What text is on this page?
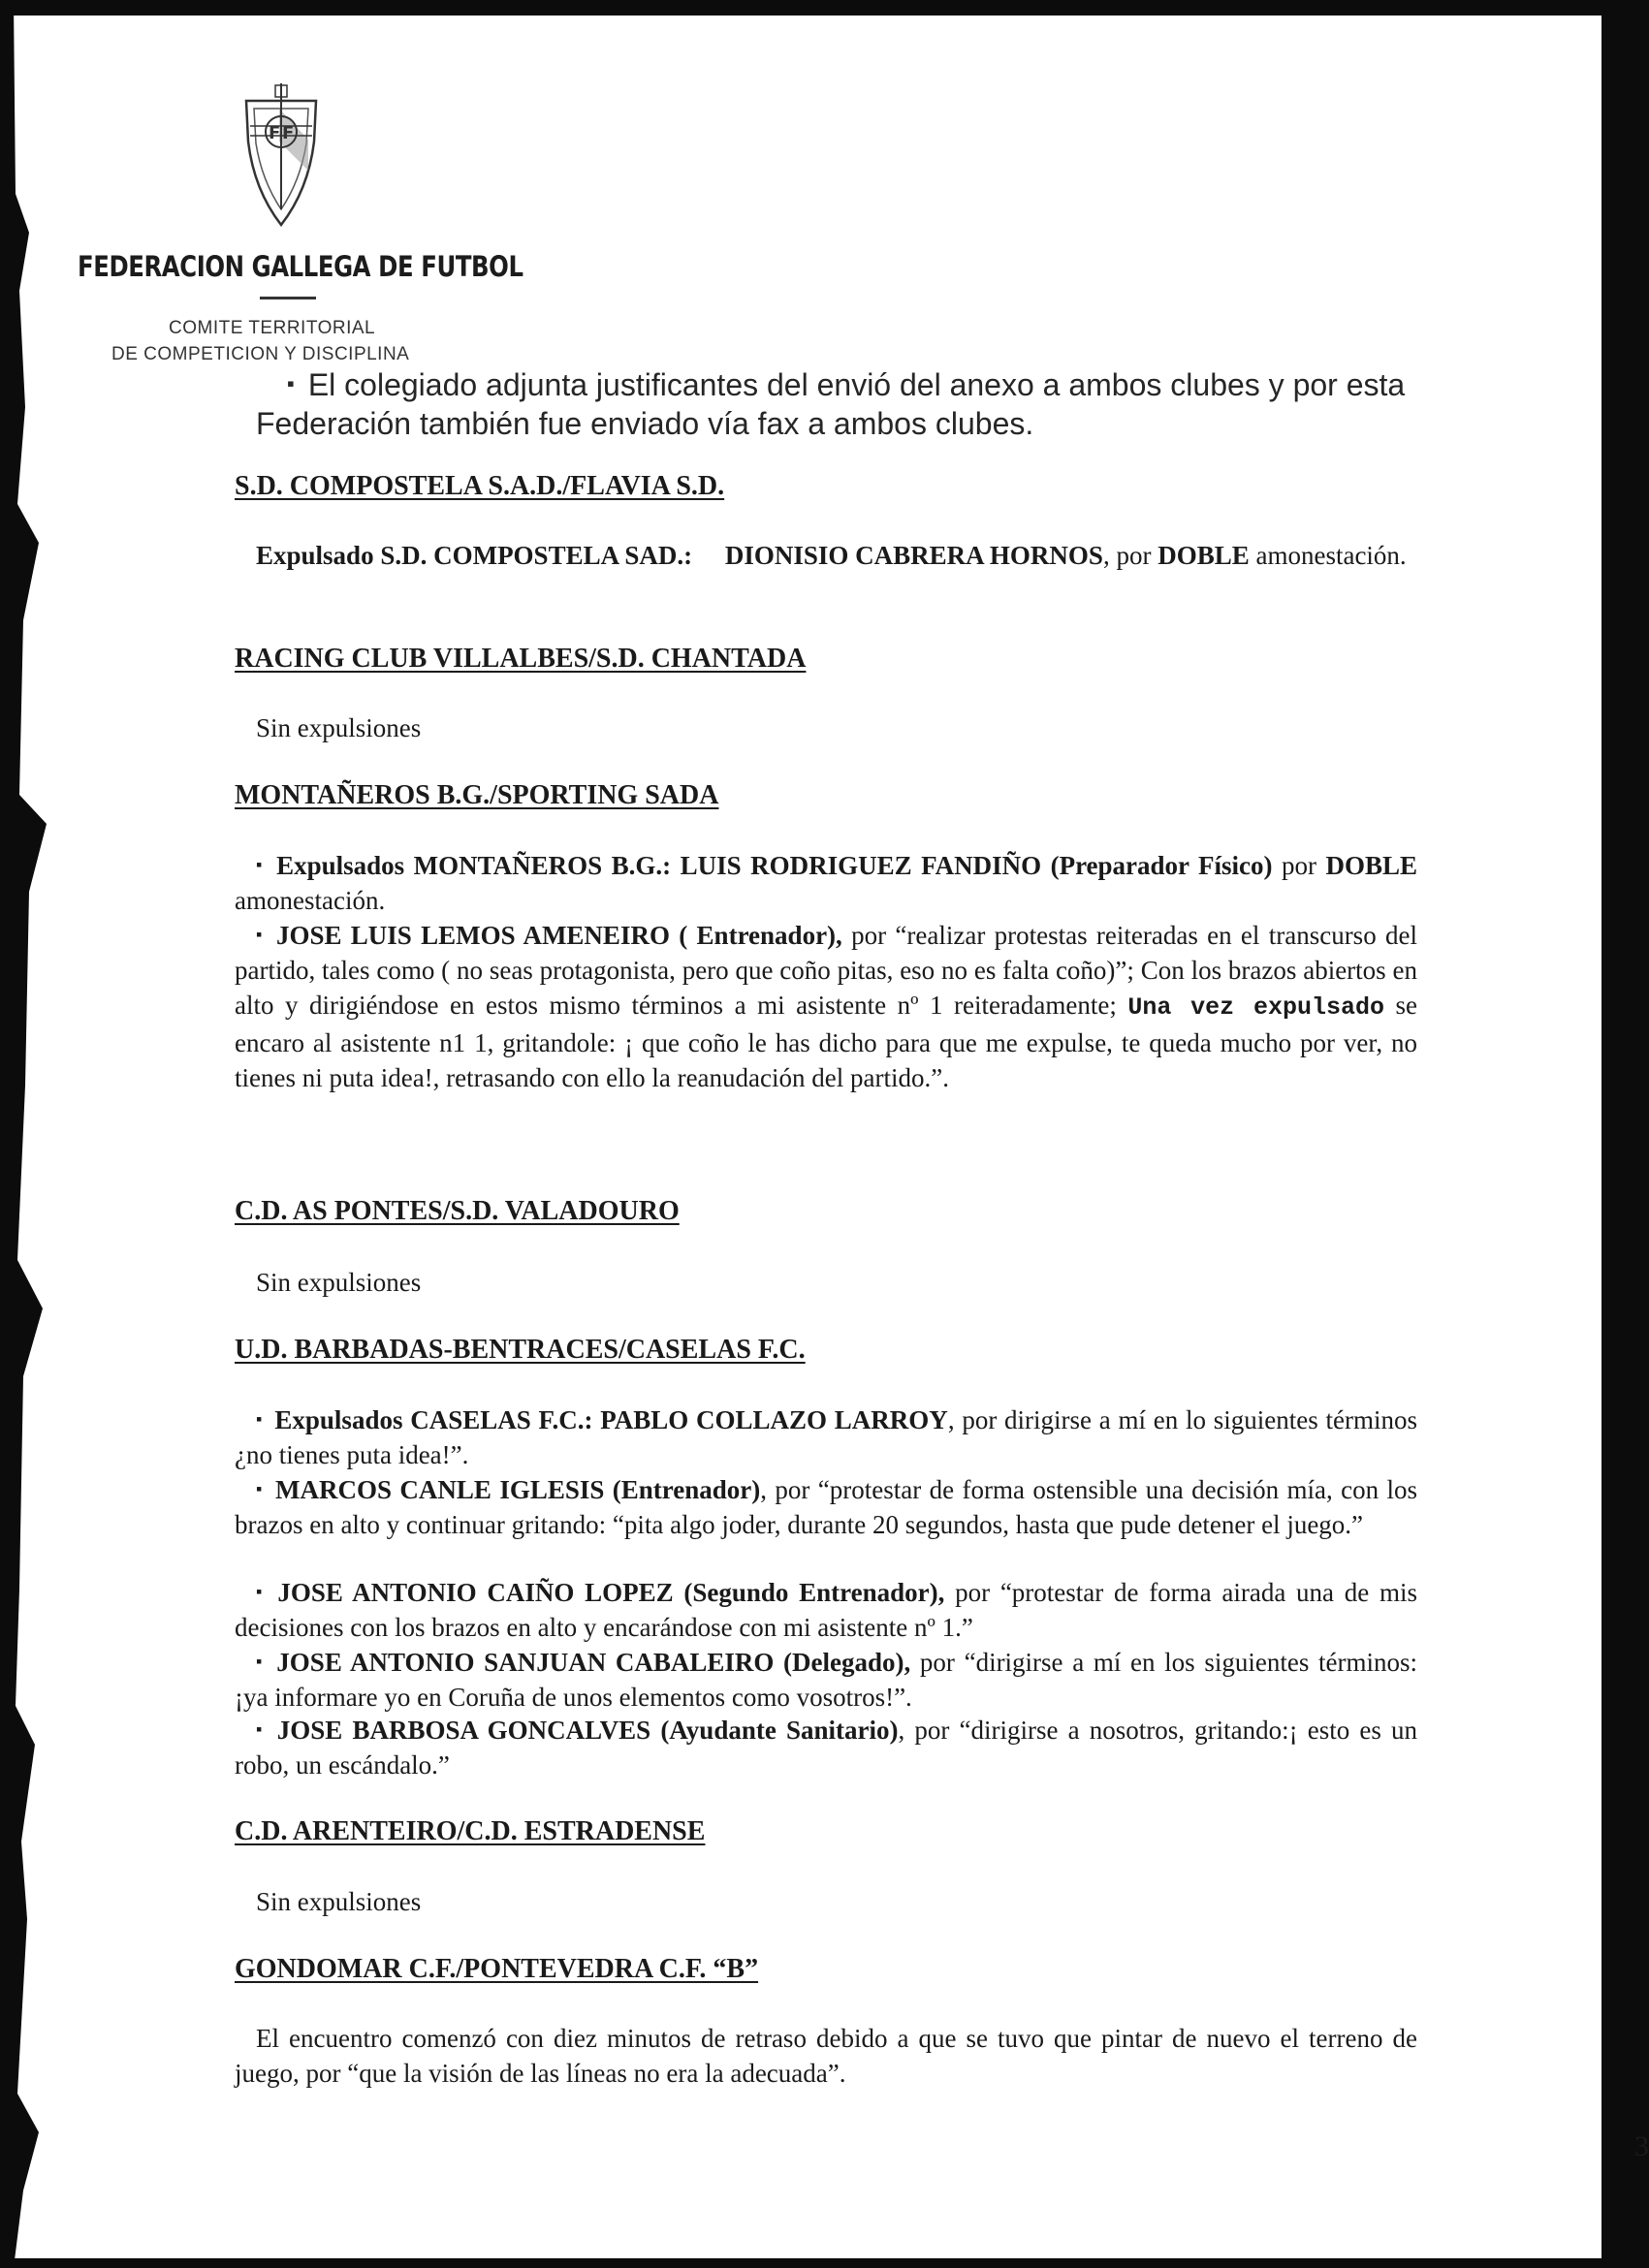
F F
FEDERACION GALLEGA DE FUTBOL
COMITE TERRITORIAL
DE COMPETICION Y DISCIPLINA
▪ El colegiado adjunta justificantes del envió del anexo a ambos clubes y por esta Federación también fue enviado vía fax a ambos clubes.
S.D. COMPOSTELA S.A.D./FLAVIA S.D.
Expulsado S.D. COMPOSTELA SAD.: DIONISIO CABRERA HORNOS, por DOBLE amonestación.
RACING CLUB VILLALBES/S.D. CHANTADA
Sin expulsiones
MONTAÑEROS B.G./SPORTING SADA
▪ Expulsados MONTAÑEROS B.G.: LUIS RODRIGUEZ FANDIÑO (Preparador Físico) por DOBLE amonestación.
▪ JOSE LUIS LEMOS AMENEIRO ( Entrenador), por “realizar protestas reiteradas en el transcurso del partido, tales como ( no seas protagonista, pero que coño pitas, eso no es falta coño)”; Con los brazos abiertos en alto y dirigiéndose en estos mismo términos a mi asistente nº 1 reiteradamente; Una vez expulsado se encaro al asistente n1 1, gritandole: ¡ que coño le has dicho para que me expulse, te queda mucho por ver, no tienes ni puta idea!, retrasando con ello la reanudación del partido.”.
C.D. AS PONTES/S.D. VALADOURO
Sin expulsiones
U.D. BARBADAS-BENTRACES/CASELAS F.C.
▪ Expulsados CASELAS F.C.: PABLO COLLAZO LARROY, por dirigirse a mí en lo siguientes términos ¿no tienes puta idea!”.
▪ MARCOS CANLE IGLESIS (Entrenador), por “protestar de forma ostensible una decisión mía, con los brazos en alto y continuar gritando: “pita algo joder, durante 20 segundos, hasta que pude detener el juego.”
▪ JOSE ANTONIO CAIÑO LOPEZ (Segundo Entrenador), por “protestar de forma airada una de mis decisiones con los brazos en alto y encarándose con mi asistente nº 1.”
▪ JOSE ANTONIO SANJUAN CABALEIRO (Delegado), por “dirigirse a mí en los siguientes términos: ¡ya informare yo en Coruña de unos elementos como vosotros!”.
▪ JOSE BARBOSA GONCALVES (Ayudante Sanitario), por “dirigirse a nosotros, gritando:¡ esto es un robo, un escándalo.”
C.D. ARENTEIRO/C.D. ESTRADENSE
Sin expulsiones
GONDOMAR C.F./PONTEVEDRA C.F. “B”
El encuentro comenzó con diez minutos de retraso debido a que se tuvo que pintar de nuevo el terreno de juego, por “que la visión de las líneas no era la adecuada”.
3
